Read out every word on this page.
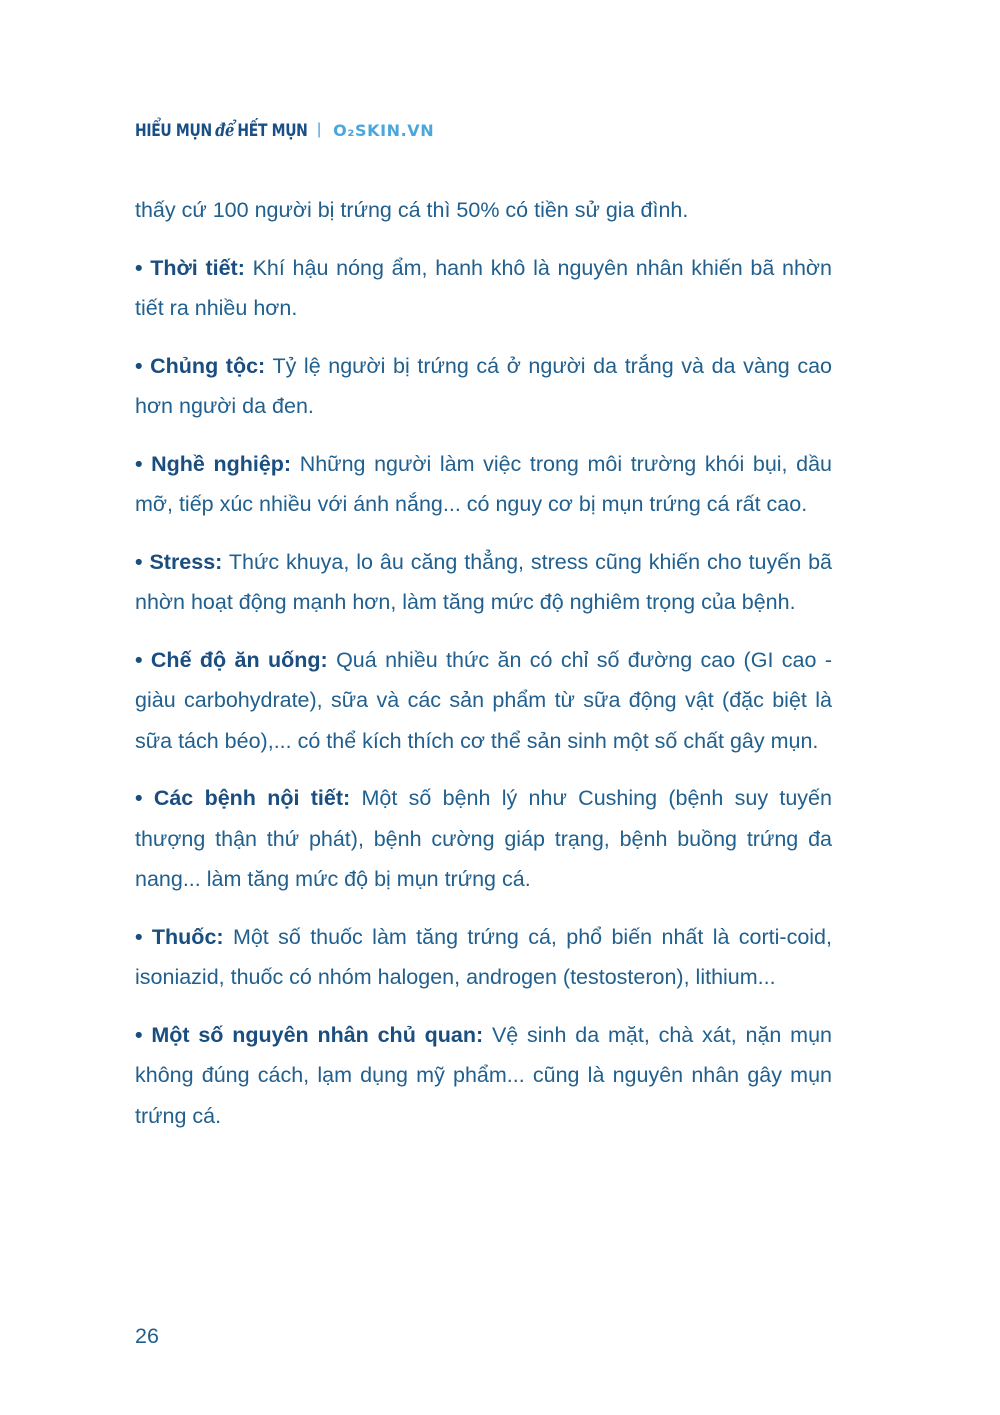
HIỂU MỤN để HẾT MỤN | O₂SKIN.VN

thấy cứ 100 người bị trứng cá thì 50% có tiền sử gia đình.

• Thời tiết: Khí hậu nóng ẩm, hanh khô là nguyên nhân khiến bã nhờn tiết ra nhiều hơn.

• Chủng tộc: Tỷ lệ người bị trứng cá ở người da trắng và da vàng cao hơn người da đen.

• Nghề nghiệp: Những người làm việc trong môi trường khói bụi, dầu mỡ, tiếp xúc nhiều với ánh nắng... có nguy cơ bị mụn trứng cá rất cao.

• Stress: Thức khuya, lo âu căng thẳng, stress cũng khiến cho tuyến bã nhờn hoạt động mạnh hơn, làm tăng mức độ nghiêm trọng của bệnh.

• Chế độ ăn uống: Quá nhiều thức ăn có chỉ số đường cao (GI cao - giàu carbohydrate), sữa và các sản phẩm từ sữa động vật (đặc biệt là sữa tách béo),... có thể kích thích cơ thể sản sinh một số chất gây mụn.

• Các bệnh nội tiết: Một số bệnh lý như Cushing (bệnh suy tuyến thượng thận thứ phát), bệnh cường giáp trạng, bệnh buồng trứng đa nang... làm tăng mức độ bị mụn trứng cá.

• Thuốc: Một số thuốc làm tăng trứng cá, phổ biến nhất là corti-coid, isoniazid, thuốc có nhóm halogen, androgen (testosteron), lithium...

• Một số nguyên nhân chủ quan: Vệ sinh da mặt, chà xát, nặn mụn không đúng cách, lạm dụng mỹ phẩm... cũng là nguyên nhân gây mụn trứng cá.

26
